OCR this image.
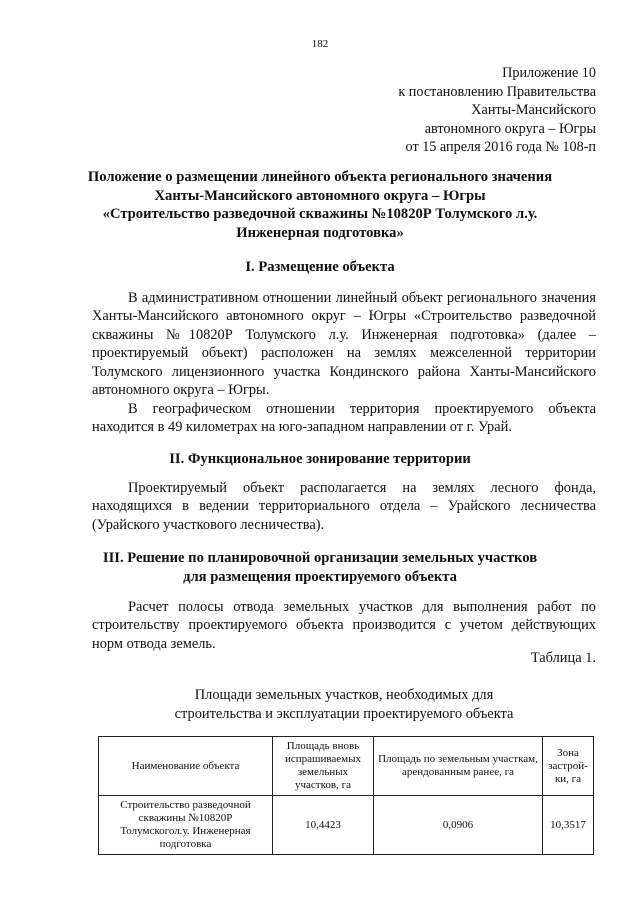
182
Приложение 10
к постановлению Правительства
Ханты-Мансийского
автономного округа – Югры
от 15 апреля 2016 года № 108-п
Положение о размещении линейного объекта регионального значения
Ханты-Мансийского автономного округа – Югры
«Строительство разведочной скважины №10820Р Толумского л.у.
Инженерная подготовка»
I. Размещение объекта

В административном отношении линейный объект регионального значения Ханты-Мансийского автономного округ – Югры «Строительство разведочной скважины №10820Р Толумского л.у. Инженерная подготовка» (далее – проектируемый объект) расположен на землях межселенной территории Толумского лицензионного участка Кондинского района Ханты-Мансийского автономного округа – Югры.

В географическом отношении территория проектируемого объекта находится в 49 километрах на юго-западном направлении от г. Урай.

II. Функциональное зонирование территории

Проектируемый объект располагается на землях лесного фонда, находящихся в ведении территориального отдела – Урайского лесничества (Урайского участкового лесничества).

III. Решение по планировочной организации земельных участков
для размещения проектируемого объекта

Расчет полосы отвода земельных участков для выполнения работ по строительству проектируемого объекта производится с учетом действующих норм отвода земель.

Таблица 1.
Площади земельных участков, необходимых для
строительства и эксплуатации проектируемого объекта
Наименование объекта	Площадь вновь испрашиваемых земельных участков, га	Площадь по земельным участкам, арендованным ранее, га	Зона застрой-ки, га
Строительство разведочной скважины №10820Р Толумскогол.у. Инженерная подготовка	10,4423	0,0906	10,3517
